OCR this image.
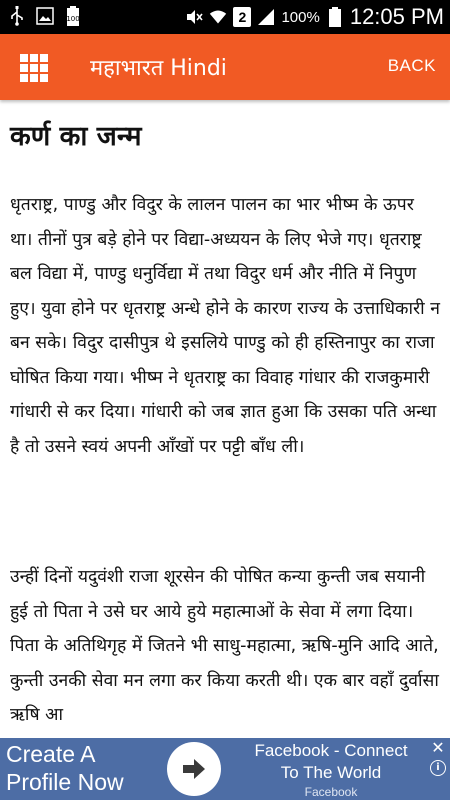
100	2	100% 12:05 PM
महाभारत Hindi	BACK
कर्ण का जन्म

धृतराष्ट्र, पाण्डु और विदुर के लालन पालन का भार भीष्म के ऊपर था। तीनों पुत्र बड़े होने पर विद्या-अध्ययन के लिए भेजे गए। धृतराष्ट्र बल विद्या में, पाण्डु धनुर्विद्या में तथा विदुर धर्म और नीति में निपुण हुए। युवा होने पर धृतराष्ट्र अन्धे होने के कारण राज्य के उत्ताधिकारी न बन सके। विदुर दासीपुत्र थे इसलिये पाण्डु को ही हस्तिनापुर का राजा घोषित किया गया। भीष्म ने धृतराष्ट्र का विवाह गांधार की राजकुमारी गांधारी से कर दिया। गांधारी को जब ज्ञात हुआ कि उसका पति अन्धा है तो उसने स्वयं अपनी आँखों पर पट्टी बाँध ली।

उन्हीं दिनों यदुवंशी राजा शूरसेन की पोषित कन्या कुन्ती जब सयानी हुई तो पिता ने उसे घर आये हुये महात्माओं के सेवा में लगा दिया। पिता के अतिथिगृह में जितने भी साधु-महात्मा, ऋषि-मुनि आदि आते, कुन्ती उनकी सेवा मन लगा कर किया करती थी। एक बार वहाँ दुर्वासा ऋषि आ

Create A Profile Now
Facebook - Connect
To The World
Facebook
✕
i
